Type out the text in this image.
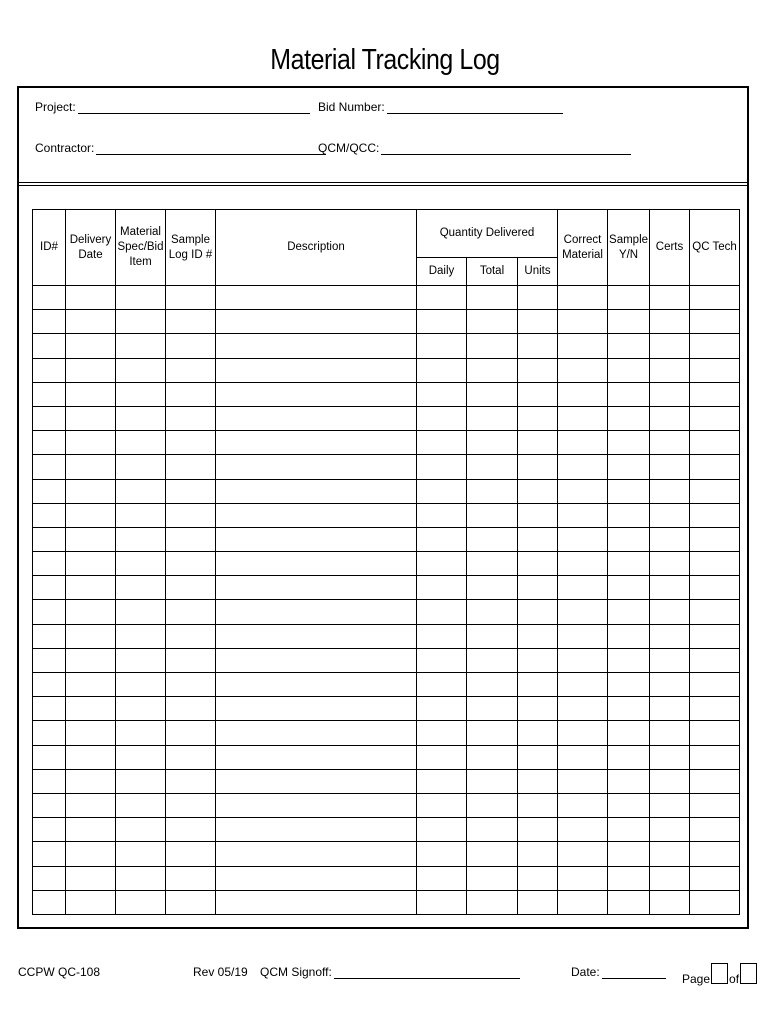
Material Tracking Log
Project:	Bid Number:
Contractor:	QCM/QCC:
ID#	Delivery Date	Material Spec/Bid Item	Sample Log ID #	Description	Quantity Delivered			Correct Material	Sample Y/N	Certs	QC Tech
					Daily	Total	Units				

CCPW QC-108	Rev 05/19 QCM Signoff:	Date:	Page of
